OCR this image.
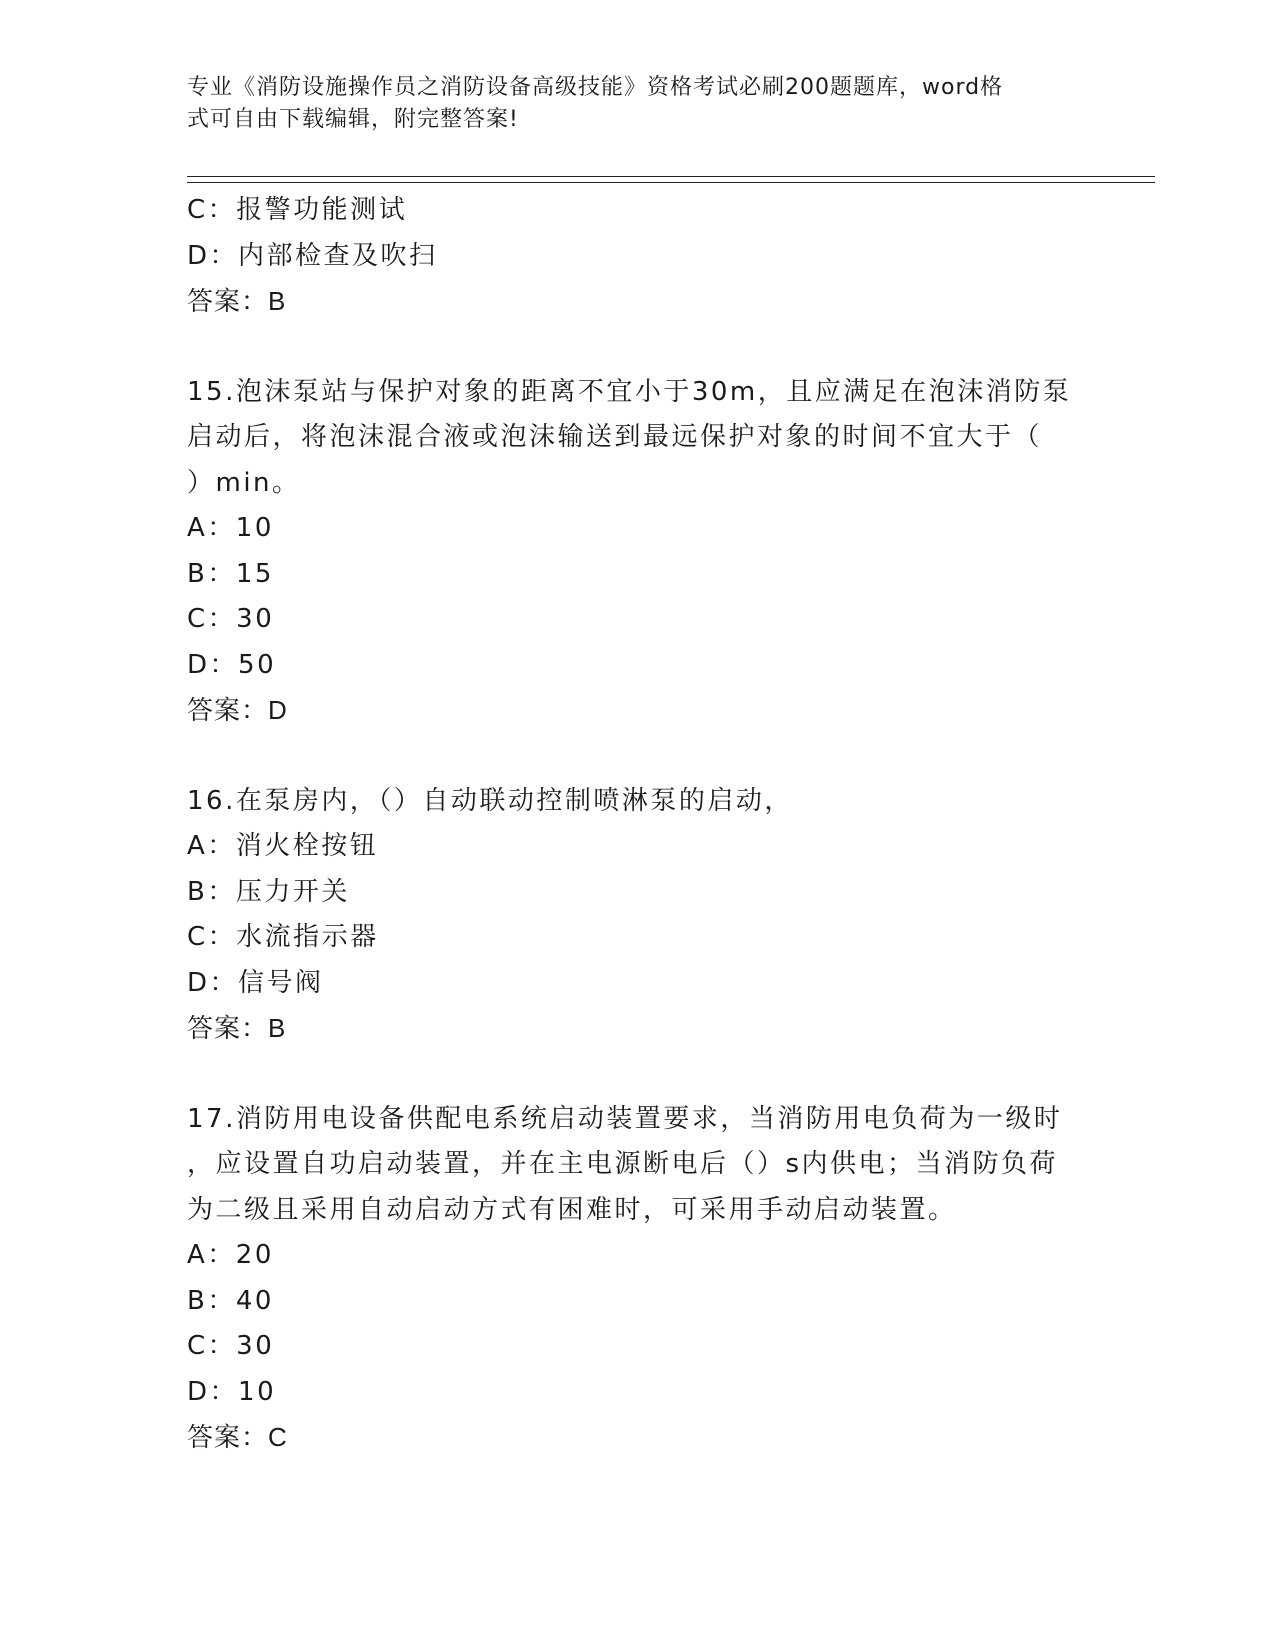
专业《消防设施操作员之消防设备高级技能》资格考试必刷200题题库，word格
式可自由下载编辑，附完整答案!
C：报警功能测试
D：内部检查及吹扫
答案：B
15.泡沫泵站与保护对象的距离不宜小于30m，且应满足在泡沫消防泵
启动后，将泡沫混合液或泡沫输送到最远保护对象的时间不宜大于（
）min。
A：10
B：15
C：30
D：50
答案：D
16.在泵房内，（）自动联动控制喷淋泵的启动，
A：消火栓按钮
B：压力开关
C：水流指示器
D：信号阀
答案：B
17.消防用电设备供配电系统启动装置要求，当消防用电负荷为一级时
，应设置自功启动装置，并在主电源断电后（）s内供电；当消防负荷
为二级且采用自动启动方式有困难时，可采用手动启动装置。
A：20
B：40
C：30
D：10
答案：C
